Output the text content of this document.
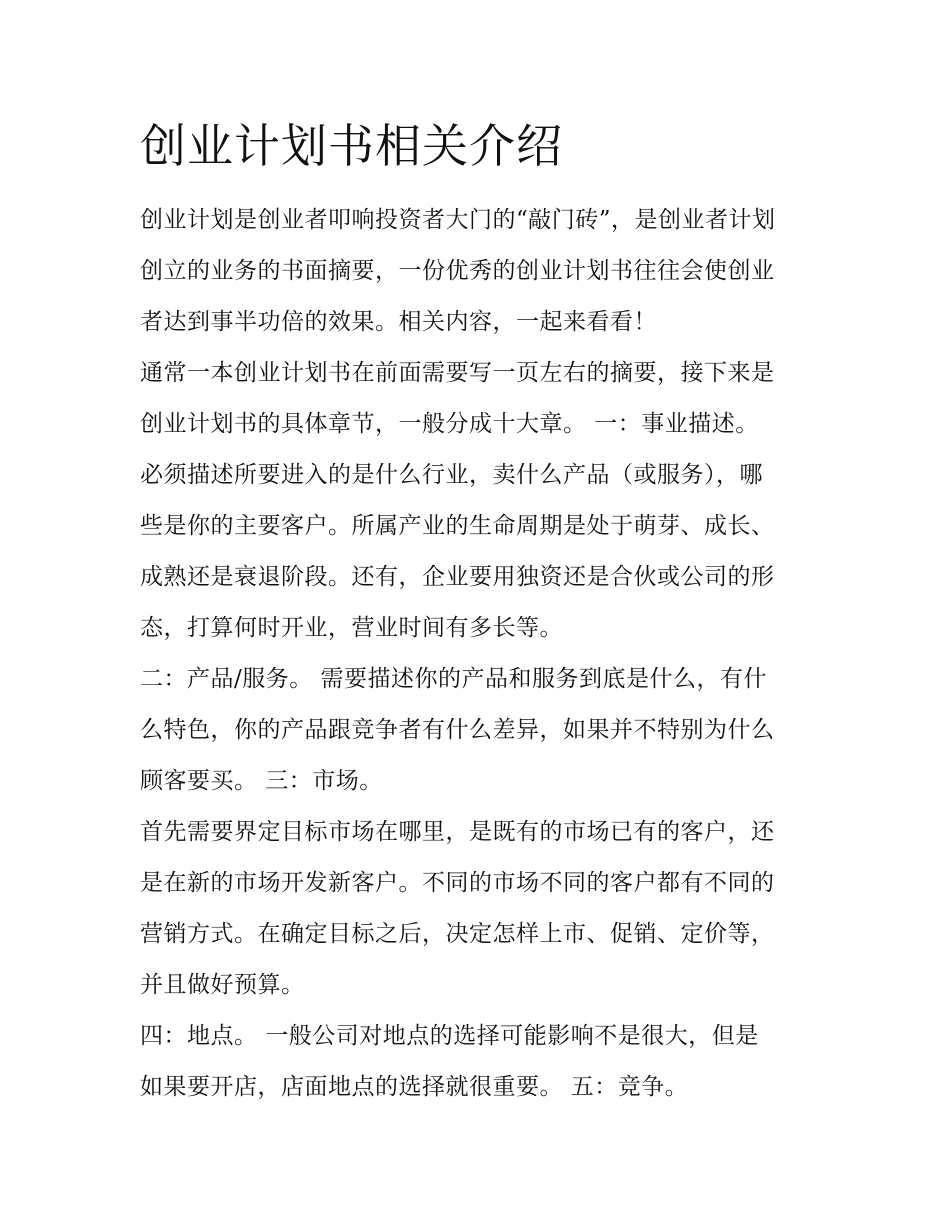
创业计划书相关介绍

创业计划是创业者叩响投资者大门的“敲门砖”，是创业者计划

创立的业务的书面摘要，一份优秀的创业计划书往往会使创业

者达到事半功倍的效果。相关内容，一起来看看！

通常一本创业计划书在前面需要写一页左右的摘要，接下来是

创业计划书的具体章节，一般分成十大章。 一：事业描述。

必须描述所要进入的是什么行业，卖什么产品（或服务），哪

些是你的主要客户。所属产业的生命周期是处于萌芽、成长、

成熟还是衰退阶段。还有，企业要用独资还是合伙或公司的形

态，打算何时开业，营业时间有多长等。

二：产品/服务。 需要描述你的产品和服务到底是什么，有什

么特色，你的产品跟竞争者有什么差异，如果并不特别为什么

顾客要买。 三：市场。

首先需要界定目标市场在哪里，是既有的市场已有的客户，还

是在新的市场开发新客户。不同的市场不同的客户都有不同的

营销方式。在确定目标之后，决定怎样上市、促销、定价等，

并且做好预算。

四：地点。 一般公司对地点的选择可能影响不是很大，但是

如果要开店，店面地点的选择就很重要。 五：竞争。
